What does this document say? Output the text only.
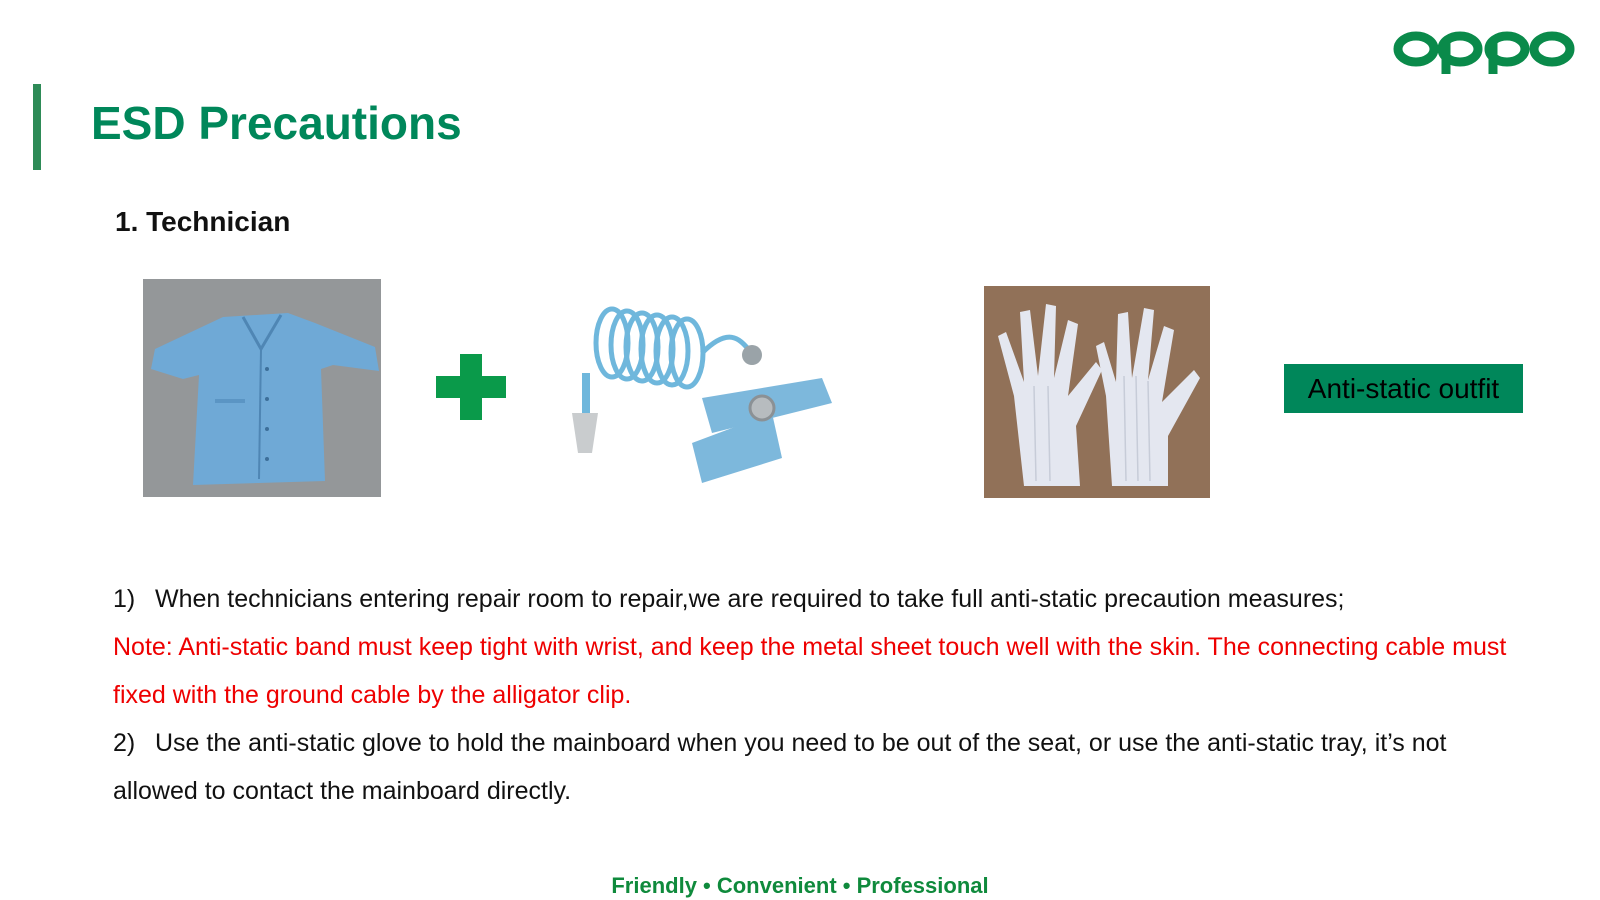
ESD Precautions
1. Technician
Anti-static outfit

1) When technicians entering repair room to repair,we are required to take full anti-static precaution measures;

Note: Anti-static band must keep tight with wrist, and keep the metal sheet touch well with the skin. The connecting cable must fixed with the ground cable by the alligator clip.

2) Use the anti-static glove to hold the mainboard when you need to be out of the seat, or use the anti-static tray, it’s not allowed to contact the mainboard directly.

Friendly • Convenient • Professional
